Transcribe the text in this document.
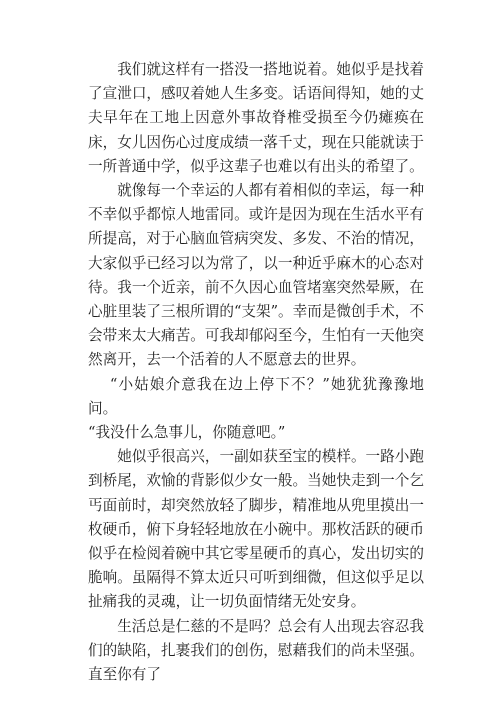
我们就这样有一搭没一搭地说着。她似乎是找着了宣泄口，感叹着她人生多变。话语间得知，她的丈夫早年在工地上因意外事故脊椎受损至今仍瘫痪在床，女儿因伤心过度成绩一落千丈，现在只能就读于一所普通中学，似乎这辈子也难以有出头的希望了。

就像每一个幸运的人都有着相似的幸运，每一种不幸似乎都惊人地雷同。或许是因为现在生活水平有所提高，对于心脑血管病突发、多发、不治的情况，大家似乎已经习以为常了，以一种近乎麻木的心态对待。我一个近亲，前不久因心血管堵塞突然晕厥，在心脏里装了三根所谓的“支架”。幸而是微创手术，不会带来太大痛苦。可我却郁闷至今，生怕有一天他突然离开，去一个活着的人不愿意去的世界。

“小姑娘介意我在边上停下不？”她犹犹豫豫地问。

“我没什么急事儿，你随意吧。”

她似乎很高兴，一副如获至宝的模样。一路小跑到桥尾，欢愉的背影似少女一般。当她快走到一个乞丐面前时，却突然放轻了脚步，精准地从兜里摸出一枚硬币，俯下身轻轻地放在小碗中。那枚活跃的硬币似乎在检阅着碗中其它零星硬币的真心，发出切实的脆响。虽隔得不算太近只可听到细微，但这似乎足以扯痛我的灵魂，让一切负面情绪无处安身。

生活总是仁慈的不是吗？总会有人出现去容忍我们的缺陷，扎裹我们的创伤，慰藉我们的尚未坚强。直至你有了
